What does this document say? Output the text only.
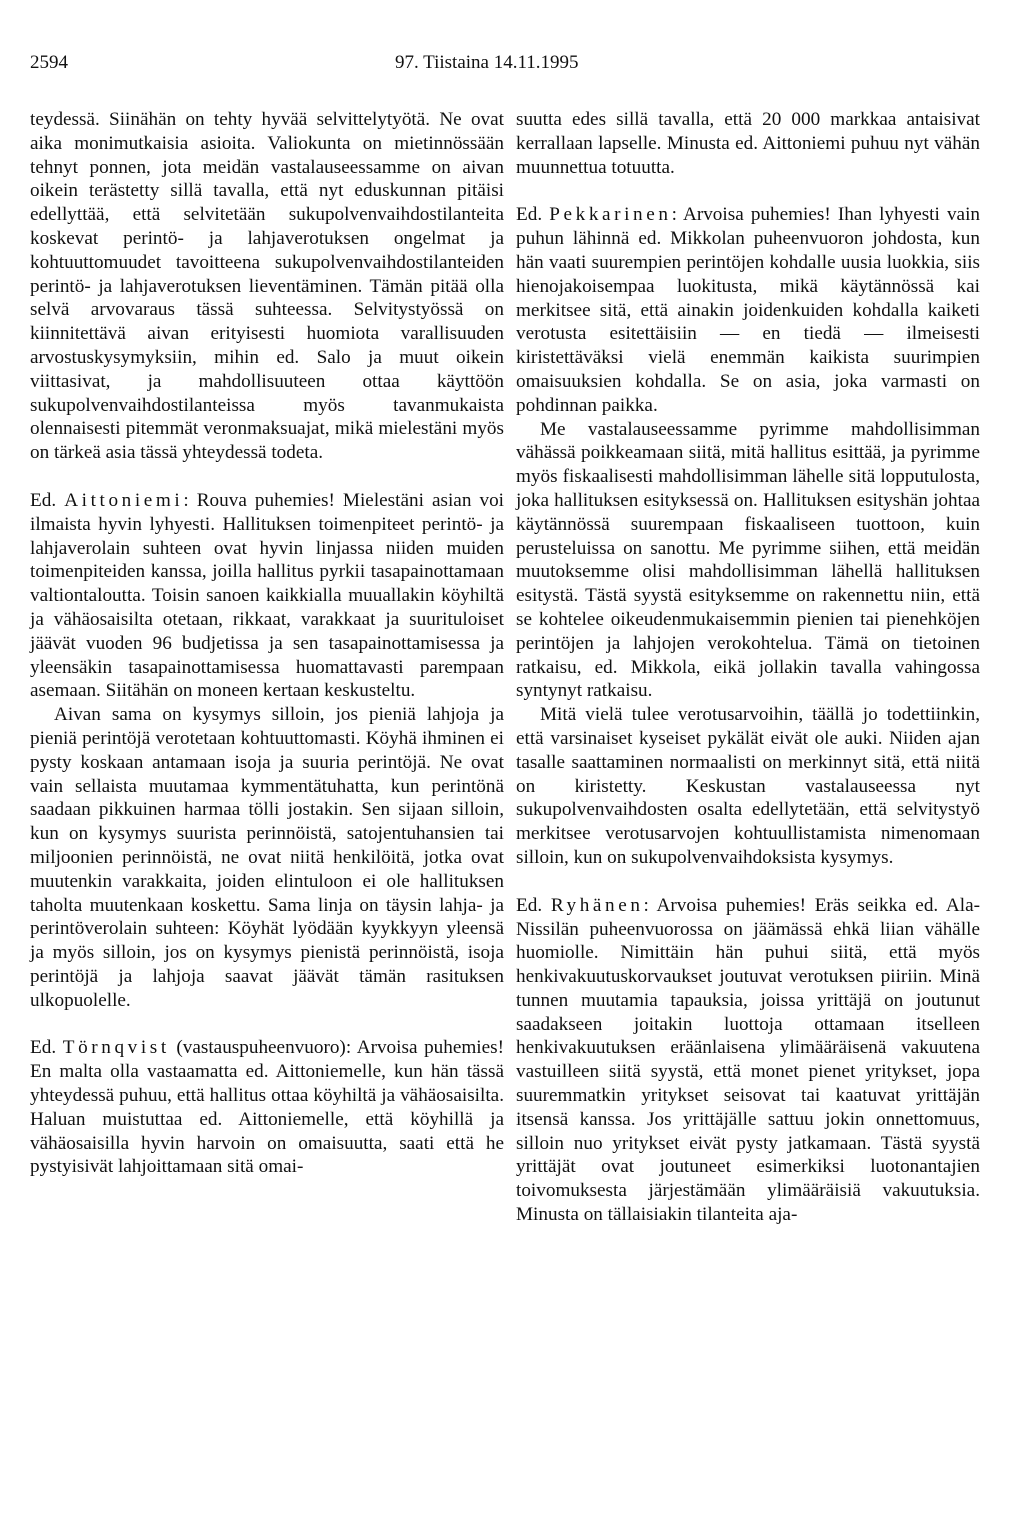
2594	97. Tiistaina 14.11.1995

teydessä. Siinähän on tehty hyvää selvittelytyötä. Ne ovat aika monimutkaisia asioita. Valiokunta on mietinnössään tehnyt ponnen, jota meidän vastalauseessamme on aivan oikein terästetty sillä tavalla, että nyt eduskunnan pitäisi edellyttää, että selvitetään sukupolvenvaihdostilanteita koskevat perintö- ja lahjaverotuksen ongelmat ja kohtuuttomuudet tavoitteena sukupolvenvaihdostilanteiden perintö- ja lahjaverotuksen lieventäminen. Tämän pitää olla selvä arvovaraus tässä suhteessa. Selvitystyössä on kiinnitettävä aivan erityisesti huomiota varallisuuden arvostuskysymyksiin, mihin ed. Salo ja muut oikein viittasivat, ja mahdollisuuteen ottaa käyttöön sukupolvenvaihdostilanteissa myös tavanmukaista olennaisesti pitemmät veronmaksuajat, mikä mielestäni myös on tärkeä asia tässä yhteydessä todeta.

Ed. Aittoniemi: Rouva puhemies! Mielestäni asian voi ilmaista hyvin lyhyesti. Hallituksen toimenpiteet perintö- ja lahjaverolain suhteen ovat hyvin linjassa niiden muiden toimenpiteiden kanssa, joilla hallitus pyrkii tasapainottamaan valtiontaloutta. Toisin sanoen kaikkialla muuallakin köyhiltä ja vähäosaisilta otetaan, rikkaat, varakkaat ja suurituloiset jäävät vuoden 96 budjetissa ja sen tasapainottamisessa ja yleensäkin tasapainottamisessa huomattavasti parempaan asemaan. Siitähän on moneen kertaan keskusteltu.

Aivan sama on kysymys silloin, jos pieniä lahjoja ja pieniä perintöjä verotetaan kohtuuttomasti. Köyhä ihminen ei pysty koskaan antamaan isoja ja suuria perintöjä. Ne ovat vain sellaista muutamaa kymmentätuhatta, kun perintönä saadaan pikkuinen harmaa tölli jostakin. Sen sijaan silloin, kun on kysymys suurista perinnöistä, satojentuhansien tai miljoonien perinnöistä, ne ovat niitä henkilöitä, jotka ovat muutenkin varakkaita, joiden elintuloon ei ole hallituksen taholta muutenkaan koskettu. Sama linja on täysin lahja- ja perintöverolain suhteen: Köyhät lyödään kyykkyyn yleensä ja myös silloin, jos on kysymys pienistä perinnöistä, isoja perintöjä ja lahjoja saavat jäävät tämän rasituksen ulkopuolelle.

Ed. Törnqvist (vastauspuheenvuoro): Arvoisa puhemies! En malta olla vastaamatta ed. Aittoniemelle, kun hän tässä yhteydessä puhuu, että hallitus ottaa köyhiltä ja vähäosaisilta. Haluan muistuttaa ed. Aittoniemelle, että köyhillä ja vähäosaisilla hyvin harvoin on omaisuutta, saati että he pystyisivät lahjoittamaan sitä omai-

suutta edes sillä tavalla, että 20 000 markkaa antaisivat kerrallaan lapselle. Minusta ed. Aittoniemi puhuu nyt vähän muunnettua totuutta.

Ed. Pekkarinen: Arvoisa puhemies! Ihan lyhyesti vain puhun lähinnä ed. Mikkolan puheenvuoron johdosta, kun hän vaati suurempien perintöjen kohdalle uusia luokkia, siis hienojakoisempaa luokitusta, mikä käytännössä kai merkitsee sitä, että ainakin joidenkuiden kohdalla kaiketi verotusta esitettäisiin — en tiedä — ilmeisesti kiristettäväksi vielä enemmän kaikista suurimpien omaisuuksien kohdalla. Se on asia, joka varmasti on pohdinnan paikka.

Me vastalauseessamme pyrimme mahdollisimman vähässä poikkeamaan siitä, mitä hallitus esittää, ja pyrimme myös fiskaalisesti mahdollisimman lähelle sitä lopputulosta, joka hallituksen esityksessä on. Hallituksen esityshän johtaa käytännössä suurempaan fiskaaliseen tuottoon, kuin perusteluissa on sanottu. Me pyrimme siihen, että meidän muutoksemme olisi mahdollisimman lähellä hallituksen esitystä. Tästä syystä esityksemme on rakennettu niin, että se kohtelee oikeudenmukaisemmin pienien tai pienehköjen perintöjen ja lahjojen verokohtelua. Tämä on tietoinen ratkaisu, ed. Mikkola, eikä jollakin tavalla vahingossa syntynyt ratkaisu.

Mitä vielä tulee verotusarvoihin, täällä jo todettiinkin, että varsinaiset kyseiset pykälät eivät ole auki. Niiden ajan tasalle saattaminen normaalisti on merkinnyt sitä, että niitä on kiristetty. Keskustan vastalauseessa nyt sukupolvenvaihdosten osalta edellytetään, että selvitystyö merkitsee verotusarvojen kohtuullistamista nimenomaan silloin, kun on sukupolvenvaihdoksista kysymys.

Ed. Ryhänen: Arvoisa puhemies! Eräs seikka ed. Ala-Nissilän puheenvuorossa on jäämässä ehkä liian vähälle huomiolle. Nimittäin hän puhui siitä, että myös henkivakuutuskorvaukset joutuvat verotuksen piiriin. Minä tunnen muutamia tapauksia, joissa yrittäjä on joutunut saadakseen joitakin luottoja ottamaan itselleen henkivakuutuksen eräänlaisena ylimääräisenä vakuutena vastuilleen siitä syystä, että monet pienet yritykset, jopa suuremmatkin yritykset seisovat tai kaatuvat yrittäjän itsensä kanssa. Jos yrittäjälle sattuu jokin onnettomuus, silloin nuo yritykset eivät pysty jatkamaan. Tästä syystä yrittäjät ovat joutuneet esimerkiksi luotonantajien toivomuksesta järjestämään ylimääräisiä vakuutuksia. Minusta on tällaisiakin tilanteita aja-
